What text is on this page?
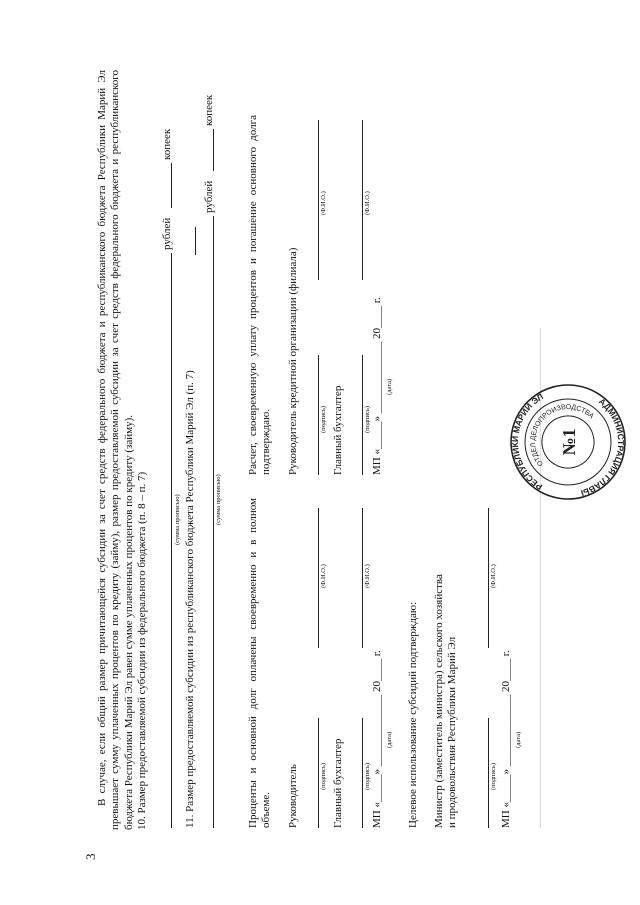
3

В случае, если общий размер причитающейся субсидии за счет средств федерального бюджета и республиканского бюджета Республики Марий Эл превышает сумму уплаченных процентов по кредиту (займу), размер предоставляемой субсидии за счет средств федерального бюджета и республиканского бюджета Республики Марий Эл равен сумме уплаченных процентов по кредиту (займу). 10. Размер предоставляемой субсидии из федерального бюджета (п. 8 – п. 7)

рублей
копеек
(сумма прописью) 11. Размер предоставляемой субсидии из республиканского бюджета Республики Марий Эл (п. 7)
рублей
копеек
(сумма прописью) Проценты и основной долг оплачены своевременно и в полном объеме. Руководитель	(подпись)
(Ф.И.О.)
Главный бухгалтер	(подпись)
(Ф.И.О.)
МП «_____» _____________ 20____ г. (дата) Целевое использование субсидий подтверждаю: Министр (заместитель министра) сельского хозяйства и продовольствия Республики Марий Эл	(подпись)
(Ф.И.О.)
МП «_____» _____________ 20____ г. (дата)
Расчет, своевременную уплату процентов и погашение основного долга подтверждаю. Руководитель кредитной организации (филиала)	(подпись)
(Ф.И.О.)
Главный бухгалтер	(подпись)
(Ф.И.О.)
МП «_____» _____________ 20____ г. (дата)
РЕСПУБЛИКИ МАРИЙ ЭЛ	АДМИНИСТРАЦИЯ ГЛАВЫ
ОТДЕЛ ДЕЛОПРОИЗВОДСТВА
№1
